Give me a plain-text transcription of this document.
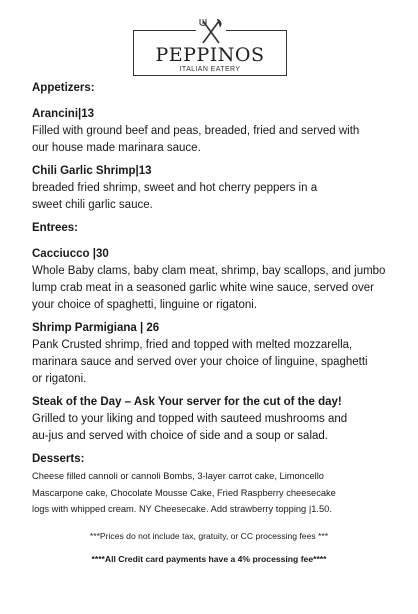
PEPPINOS
ITALIAN EATERY

Appetizers:

Arancini|13

Filled with ground beef and peas, breaded, fried and served with

our house made marinara sauce.

Chili Garlic Shrimp|13

breaded fried shrimp, sweet and hot cherry peppers in a

sweet chili garlic sauce.

Entrees:

Cacciucco |30

Whole Baby clams, baby clam meat, shrimp, bay scallops, and jumbo

lump crab meat in a seasoned garlic white wine sauce, served over

your choice of spaghetti, linguine or rigatoni.

Shrimp Parmigiana | 26

Pank Crusted shrimp, fried and topped with melted mozzarella,

marinara sauce and served over your choice of linguine, spaghetti

or rigatoni.

Steak of the Day – Ask Your server for the cut of the day!

Grilled to your liking and topped with sauteed mushrooms and

au-jus and served with choice of side and a soup or salad.

Desserts:

Cheese filled cannoli or cannoli Bombs, 3-layer carrot cake, Limoncello

Mascarpone cake, Chocolate Mousse Cake, Fried Raspberry cheesecake

logs with whipped cream. NY Cheesecake. Add strawberry topping |1.50.

***Prices do not include tax, gratuity, or CC processing fees ***
****All Credit card payments have a 4% processing fee****
